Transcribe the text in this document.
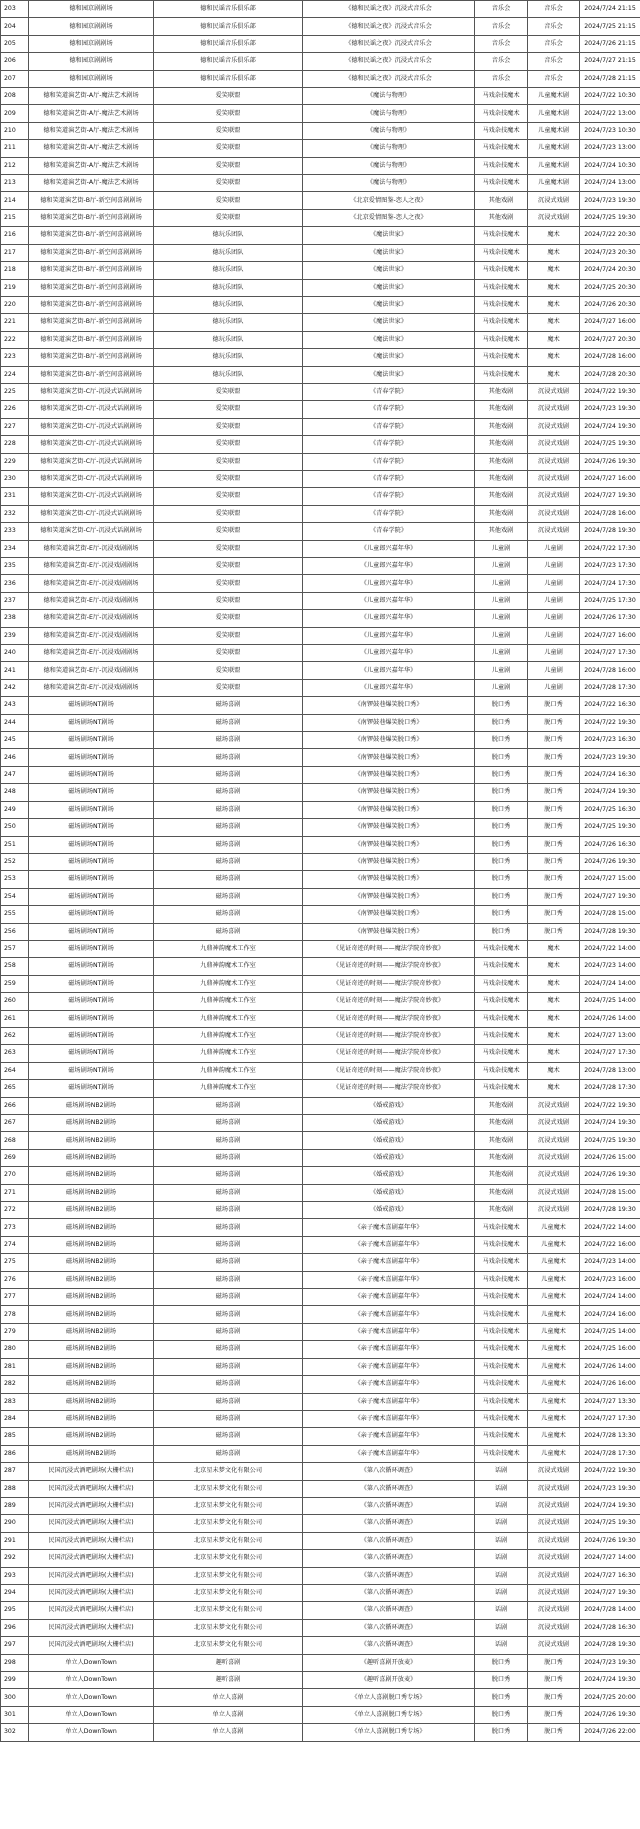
203	德和园京剧剧场	德和民谣音乐俱乐部	《德和民谣之夜》沉浸式音乐会	音乐会	音乐会	2024/7/24 21:15
204	德和园京剧剧场	德和民谣音乐俱乐部	《德和民谣之夜》沉浸式音乐会	音乐会	音乐会	2024/7/25 21:15
205	德和园京剧剧场	德和民谣音乐俱乐部	《德和民谣之夜》沉浸式音乐会	音乐会	音乐会	2024/7/26 21:15
206	德和园京剧剧场	德和民谣音乐俱乐部	《德和民谣之夜》沉浸式音乐会	音乐会	音乐会	2024/7/27 21:15
207	德和园京剧剧场	德和民谣音乐俱乐部	《德和民谣之夜》沉浸式音乐会	音乐会	音乐会	2024/7/28 21:15
208	德和笑道演艺街-A厅-魔法艺术剧场	爱笑联盟	《魔法与物理》	马戏杂技魔术	儿童魔术剧	2024/7/22 10:30
209	德和笑道演艺街-A厅-魔法艺术剧场	爱笑联盟	《魔法与物理》	马戏杂技魔术	儿童魔术剧	2024/7/22 13:00
210	德和笑道演艺街-A厅-魔法艺术剧场	爱笑联盟	《魔法与物理》	马戏杂技魔术	儿童魔术剧	2024/7/23 10:30
211	德和笑道演艺街-A厅-魔法艺术剧场	爱笑联盟	《魔法与物理》	马戏杂技魔术	儿童魔术剧	2024/7/23 13:00
212	德和笑道演艺街-A厅-魔法艺术剧场	爱笑联盟	《魔法与物理》	马戏杂技魔术	儿童魔术剧	2024/7/24 10:30
213	德和笑道演艺街-A厅-魔法艺术剧场	爱笑联盟	《魔法与物理》	马戏杂技魔术	儿童魔术剧	2024/7/24 13:00
214	德和笑道演艺街-B厅-新空间喜剧剧场	爱笑联盟	《北京爱情图鉴-恋人之夜》	其他戏剧	沉浸式戏剧	2024/7/23 19:30
215	德和笑道演艺街-B厅-新空间喜剧剧场	爱笑联盟	《北京爱情图鉴-恋人之夜》	其他戏剧	沉浸式戏剧	2024/7/25 19:30
216	德和笑道演艺街-B厅-新空间喜剧剧场	德玩乐团队	《魔法世家》	马戏杂技魔术	魔术	2024/7/22 20:30
217	德和笑道演艺街-B厅-新空间喜剧剧场	德玩乐团队	《魔法世家》	马戏杂技魔术	魔术	2024/7/23 20:30
218	德和笑道演艺街-B厅-新空间喜剧剧场	德玩乐团队	《魔法世家》	马戏杂技魔术	魔术	2024/7/24 20:30
219	德和笑道演艺街-B厅-新空间喜剧剧场	德玩乐团队	《魔法世家》	马戏杂技魔术	魔术	2024/7/25 20:30
220	德和笑道演艺街-B厅-新空间喜剧剧场	德玩乐团队	《魔法世家》	马戏杂技魔术	魔术	2024/7/26 20:30
221	德和笑道演艺街-B厅-新空间喜剧剧场	德玩乐团队	《魔法世家》	马戏杂技魔术	魔术	2024/7/27 16:00
222	德和笑道演艺街-B厅-新空间喜剧剧场	德玩乐团队	《魔法世家》	马戏杂技魔术	魔术	2024/7/27 20:30
223	德和笑道演艺街-B厅-新空间喜剧剧场	德玩乐团队	《魔法世家》	马戏杂技魔术	魔术	2024/7/28 16:00
224	德和笑道演艺街-B厅-新空间喜剧剧场	德玩乐团队	《魔法世家》	马戏杂技魔术	魔术	2024/7/28 20:30
225	德和笑道演艺街-C厅-沉浸式话剧剧场	爱笑联盟	《青春学院》	其他戏剧	沉浸式戏剧	2024/7/22 19:30
226	德和笑道演艺街-C厅-沉浸式话剧剧场	爱笑联盟	《青春学院》	其他戏剧	沉浸式戏剧	2024/7/23 19:30
227	德和笑道演艺街-C厅-沉浸式话剧剧场	爱笑联盟	《青春学院》	其他戏剧	沉浸式戏剧	2024/7/24 19:30
228	德和笑道演艺街-C厅-沉浸式话剧剧场	爱笑联盟	《青春学院》	其他戏剧	沉浸式戏剧	2024/7/25 19:30
229	德和笑道演艺街-C厅-沉浸式话剧剧场	爱笑联盟	《青春学院》	其他戏剧	沉浸式戏剧	2024/7/26 19:30
230	德和笑道演艺街-C厅-沉浸式话剧剧场	爱笑联盟	《青春学院》	其他戏剧	沉浸式戏剧	2024/7/27 16:00
231	德和笑道演艺街-C厅-沉浸式话剧剧场	爱笑联盟	《青春学院》	其他戏剧	沉浸式戏剧	2024/7/27 19:30
232	德和笑道演艺街-C厅-沉浸式话剧剧场	爱笑联盟	《青春学院》	其他戏剧	沉浸式戏剧	2024/7/28 16:00
233	德和笑道演艺街-C厅-沉浸式话剧剧场	爱笑联盟	《青春学院》	其他戏剧	沉浸式戏剧	2024/7/28 19:30
234	德和笑道演艺街-E厅-沉浸戏剧剧场	爱笑联盟	《儿童郎兴嘉年华》	儿童剧	儿童剧	2024/7/22 17:30
235	德和笑道演艺街-E厅-沉浸戏剧剧场	爱笑联盟	《儿童郎兴嘉年华》	儿童剧	儿童剧	2024/7/23 17:30
236	德和笑道演艺街-E厅-沉浸戏剧剧场	爱笑联盟	《儿童郎兴嘉年华》	儿童剧	儿童剧	2024/7/24 17:30
237	德和笑道演艺街-E厅-沉浸戏剧剧场	爱笑联盟	《儿童郎兴嘉年华》	儿童剧	儿童剧	2024/7/25 17:30
238	德和笑道演艺街-E厅-沉浸戏剧剧场	爱笑联盟	《儿童郎兴嘉年华》	儿童剧	儿童剧	2024/7/26 17:30
239	德和笑道演艺街-E厅-沉浸戏剧剧场	爱笑联盟	《儿童郎兴嘉年华》	儿童剧	儿童剧	2024/7/27 16:00
240	德和笑道演艺街-E厅-沉浸戏剧剧场	爱笑联盟	《儿童郎兴嘉年华》	儿童剧	儿童剧	2024/7/27 17:30
241	德和笑道演艺街-E厅-沉浸戏剧剧场	爱笑联盟	《儿童郎兴嘉年华》	儿童剧	儿童剧	2024/7/28 16:00
242	德和笑道演艺街-E厅-沉浸戏剧剧场	爱笑联盟	《儿童郎兴嘉年华》	儿童剧	儿童剧	2024/7/28 17:30
243	磁场剧场NT剧场	磁场喜剧	《南锣鼓巷爆笑脱口秀》	脱口秀	脱口秀	2024/7/22 16:30
244	磁场剧场NT剧场	磁场喜剧	《南锣鼓巷爆笑脱口秀》	脱口秀	脱口秀	2024/7/22 19:30
245	磁场剧场NT剧场	磁场喜剧	《南锣鼓巷爆笑脱口秀》	脱口秀	脱口秀	2024/7/23 16:30
246	磁场剧场NT剧场	磁场喜剧	《南锣鼓巷爆笑脱口秀》	脱口秀	脱口秀	2024/7/23 19:30
247	磁场剧场NT剧场	磁场喜剧	《南锣鼓巷爆笑脱口秀》	脱口秀	脱口秀	2024/7/24 16:30
248	磁场剧场NT剧场	磁场喜剧	《南锣鼓巷爆笑脱口秀》	脱口秀	脱口秀	2024/7/24 19:30
249	磁场剧场NT剧场	磁场喜剧	《南锣鼓巷爆笑脱口秀》	脱口秀	脱口秀	2024/7/25 16:30
250	磁场剧场NT剧场	磁场喜剧	《南锣鼓巷爆笑脱口秀》	脱口秀	脱口秀	2024/7/25 19:30
251	磁场剧场NT剧场	磁场喜剧	《南锣鼓巷爆笑脱口秀》	脱口秀	脱口秀	2024/7/26 16:30
252	磁场剧场NT剧场	磁场喜剧	《南锣鼓巷爆笑脱口秀》	脱口秀	脱口秀	2024/7/26 19:30
253	磁场剧场NT剧场	磁场喜剧	《南锣鼓巷爆笑脱口秀》	脱口秀	脱口秀	2024/7/27 15:00
254	磁场剧场NT剧场	磁场喜剧	《南锣鼓巷爆笑脱口秀》	脱口秀	脱口秀	2024/7/27 19:30
255	磁场剧场NT剧场	磁场喜剧	《南锣鼓巷爆笑脱口秀》	脱口秀	脱口秀	2024/7/28 15:00
256	磁场剧场NT剧场	磁场喜剧	《南锣鼓巷爆笑脱口秀》	脱口秀	脱口秀	2024/7/28 19:30
257	磁场剧场NT剧场	九鼎神韵魔术工作室	《见证奇迹的时刻——魔法学院奇妙夜》	马戏杂技魔术	魔术	2024/7/22 14:00
258	磁场剧场NT剧场	九鼎神韵魔术工作室	《见证奇迹的时刻——魔法学院奇妙夜》	马戏杂技魔术	魔术	2024/7/23 14:00
259	磁场剧场NT剧场	九鼎神韵魔术工作室	《见证奇迹的时刻——魔法学院奇妙夜》	马戏杂技魔术	魔术	2024/7/24 14:00
260	磁场剧场NT剧场	九鼎神韵魔术工作室	《见证奇迹的时刻——魔法学院奇妙夜》	马戏杂技魔术	魔术	2024/7/25 14:00
261	磁场剧场NT剧场	九鼎神韵魔术工作室	《见证奇迹的时刻——魔法学院奇妙夜》	马戏杂技魔术	魔术	2024/7/26 14:00
262	磁场剧场NT剧场	九鼎神韵魔术工作室	《见证奇迹的时刻——魔法学院奇妙夜》	马戏杂技魔术	魔术	2024/7/27 13:00
263	磁场剧场NT剧场	九鼎神韵魔术工作室	《见证奇迹的时刻——魔法学院奇妙夜》	马戏杂技魔术	魔术	2024/7/27 17:30
264	磁场剧场NT剧场	九鼎神韵魔术工作室	《见证奇迹的时刻——魔法学院奇妙夜》	马戏杂技魔术	魔术	2024/7/28 13:00
265	磁场剧场NT剧场	九鼎神韵魔术工作室	《见证奇迹的时刻——魔法学院奇妙夜》	马戏杂技魔术	魔术	2024/7/28 17:30
266	磁场剧场NB2剧场	磁场喜剧	《婚戒游戏》	其他戏剧	沉浸式戏剧	2024/7/22 19:30
267	磁场剧场NB2剧场	磁场喜剧	《婚戒游戏》	其他戏剧	沉浸式戏剧	2024/7/24 19:30
268	磁场剧场NB2剧场	磁场喜剧	《婚戒游戏》	其他戏剧	沉浸式戏剧	2024/7/25 19:30
269	磁场剧场NB2剧场	磁场喜剧	《婚戒游戏》	其他戏剧	沉浸式戏剧	2024/7/26 15:00
270	磁场剧场NB2剧场	磁场喜剧	《婚戒游戏》	其他戏剧	沉浸式戏剧	2024/7/26 19:30
271	磁场剧场NB2剧场	磁场喜剧	《婚戒游戏》	其他戏剧	沉浸式戏剧	2024/7/28 15:00
272	磁场剧场NB2剧场	磁场喜剧	《婚戒游戏》	其他戏剧	沉浸式戏剧	2024/7/28 19:30
273	磁场剧场NB2剧场	磁场喜剧	《亲子魔术喜剧嘉年华》	马戏杂技魔术	儿童魔术	2024/7/22 14:00
274	磁场剧场NB2剧场	磁场喜剧	《亲子魔术喜剧嘉年华》	马戏杂技魔术	儿童魔术	2024/7/22 16:00
275	磁场剧场NB2剧场	磁场喜剧	《亲子魔术喜剧嘉年华》	马戏杂技魔术	儿童魔术	2024/7/23 14:00
276	磁场剧场NB2剧场	磁场喜剧	《亲子魔术喜剧嘉年华》	马戏杂技魔术	儿童魔术	2024/7/23 16:00
277	磁场剧场NB2剧场	磁场喜剧	《亲子魔术喜剧嘉年华》	马戏杂技魔术	儿童魔术	2024/7/24 14:00
278	磁场剧场NB2剧场	磁场喜剧	《亲子魔术喜剧嘉年华》	马戏杂技魔术	儿童魔术	2024/7/24 16:00
279	磁场剧场NB2剧场	磁场喜剧	《亲子魔术喜剧嘉年华》	马戏杂技魔术	儿童魔术	2024/7/25 14:00
280	磁场剧场NB2剧场	磁场喜剧	《亲子魔术喜剧嘉年华》	马戏杂技魔术	儿童魔术	2024/7/25 16:00
281	磁场剧场NB2剧场	磁场喜剧	《亲子魔术喜剧嘉年华》	马戏杂技魔术	儿童魔术	2024/7/26 14:00
282	磁场剧场NB2剧场	磁场喜剧	《亲子魔术喜剧嘉年华》	马戏杂技魔术	儿童魔术	2024/7/26 16:00
283	磁场剧场NB2剧场	磁场喜剧	《亲子魔术喜剧嘉年华》	马戏杂技魔术	儿童魔术	2024/7/27 13:30
284	磁场剧场NB2剧场	磁场喜剧	《亲子魔术喜剧嘉年华》	马戏杂技魔术	儿童魔术	2024/7/27 17:30
285	磁场剧场NB2剧场	磁场喜剧	《亲子魔术喜剧嘉年华》	马戏杂技魔术	儿童魔术	2024/7/28 13:30
286	磁场剧场NB2剧场	磁场喜剧	《亲子魔术喜剧嘉年华》	马戏杂技魔术	儿童魔术	2024/7/28 17:30
287	民国沉浸式酒吧剧场(大栅栏店)	北京星未梦文化有限公司	《第八次循环调查》	话剧	沉浸式戏剧	2024/7/22 19:30
288	民国沉浸式酒吧剧场(大栅栏店)	北京星未梦文化有限公司	《第八次循环调查》	话剧	沉浸式戏剧	2024/7/23 19:30
289	民国沉浸式酒吧剧场(大栅栏店)	北京星未梦文化有限公司	《第八次循环调查》	话剧	沉浸式戏剧	2024/7/24 19:30
290	民国沉浸式酒吧剧场(大栅栏店)	北京星未梦文化有限公司	《第八次循环调查》	话剧	沉浸式戏剧	2024/7/25 19:30
291	民国沉浸式酒吧剧场(大栅栏店)	北京星未梦文化有限公司	《第八次循环调查》	话剧	沉浸式戏剧	2024/7/26 19:30
292	民国沉浸式酒吧剧场(大栅栏店)	北京星未梦文化有限公司	《第八次循环调查》	话剧	沉浸式戏剧	2024/7/27 14:00
293	民国沉浸式酒吧剧场(大栅栏店)	北京星未梦文化有限公司	《第八次循环调查》	话剧	沉浸式戏剧	2024/7/27 16:30
294	民国沉浸式酒吧剧场(大栅栏店)	北京星未梦文化有限公司	《第八次循环调查》	话剧	沉浸式戏剧	2024/7/27 19:30
295	民国沉浸式酒吧剧场(大栅栏店)	北京星未梦文化有限公司	《第八次循环调查》	话剧	沉浸式戏剧	2024/7/28 14:00
296	民国沉浸式酒吧剧场(大栅栏店)	北京星未梦文化有限公司	《第八次循环调查》	话剧	沉浸式戏剧	2024/7/28 16:30
297	民国沉浸式酒吧剧场(大栅栏店)	北京星未梦文化有限公司	《第八次循环调查》	话剧	沉浸式戏剧	2024/7/28 19:30
298	单立人DownTown	趣听喜剧	《趣听喜剧开放麦》	脱口秀	脱口秀	2024/7/23 19:30
299	单立人DownTown	趣听喜剧	《趣听喜剧开放麦》	脱口秀	脱口秀	2024/7/24 19:30
300	单立人DownTown	单立人喜剧	《单立人喜剧脱口秀专场》	脱口秀	脱口秀	2024/7/25 20:00
301	单立人DownTown	单立人喜剧	《单立人喜剧脱口秀专场》	脱口秀	脱口秀	2024/7/26 19:30
302	单立人DownTown	单立人喜剧	《单立人喜剧脱口秀专场》	脱口秀	脱口秀	2024/7/26 22:00
